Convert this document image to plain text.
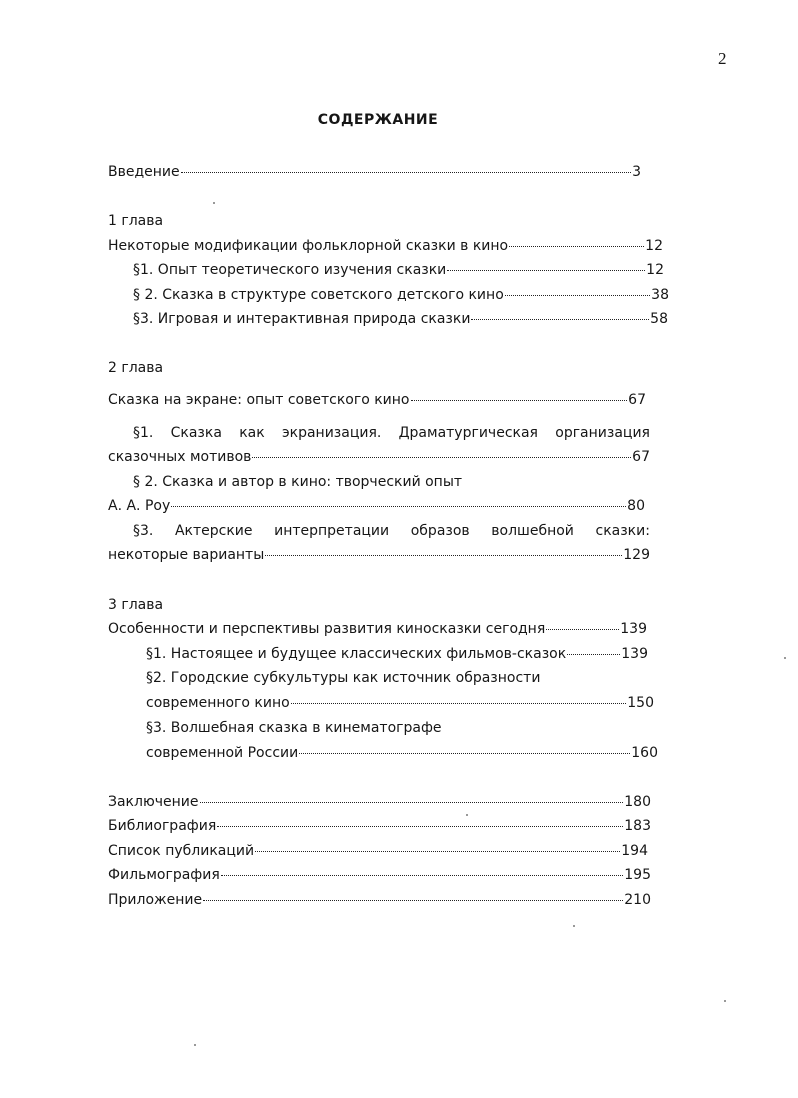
2
СОДЕРЖАНИЕ
Введение	3
1 глава
Некоторые модификации фольклорной сказки в кино	12
§1. Опыт теоретического изучения сказки	12
§ 2. Сказка в структуре советского детского кино	38
§3. Игровая и интерактивная природа сказки	58
2 глава
Сказка на экране: опыт советского кино	67
§1. Сказка как экранизация. Драматургическая организация
сказочных мотивов	67
§ 2. Сказка и автор в кино: творческий опыт
А. А. Роу	80
§3. Актерские интерпретации образов волшебной сказки:
некоторые варианты	129
3 глава
Особенности и перспективы развития киносказки сегодня	139
§1. Настоящее и будущее классических фильмов-сказок	139
§2. Городские субкультуры как источник образности
современного кино	150
§3. Волшебная сказка в кинематографе
современной России	160
Заключение	180
Библиография	183
Список публикаций	194
Фильмография	195
Приложение	210
